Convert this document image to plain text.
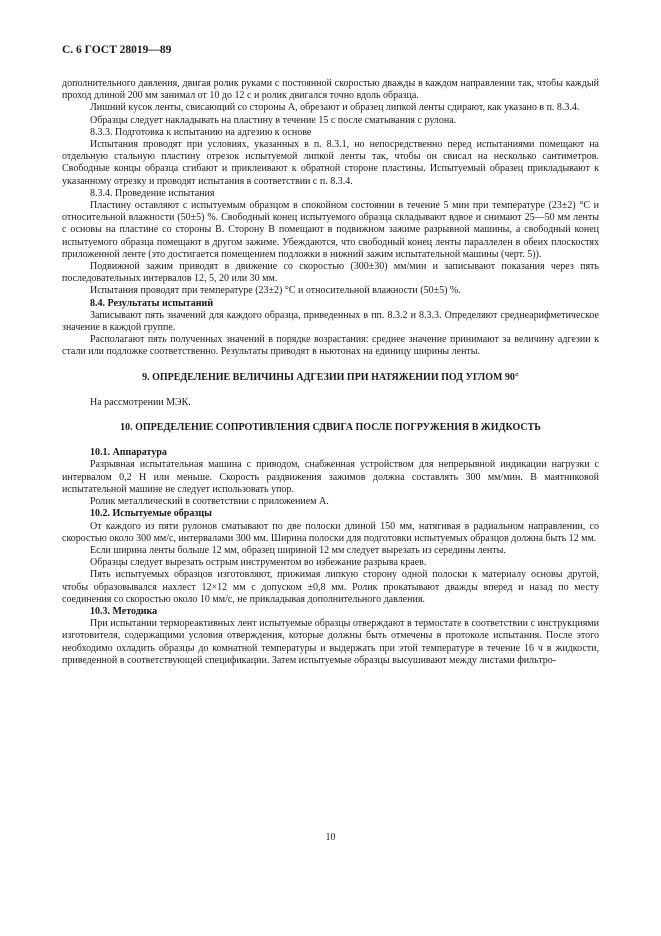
С. 6 ГОСТ 28019—89

дополнительного давления, двигая ролик руками с постоянной скоростью дважды в каждом направлении так, чтобы каждый проход длиной 200 мм занимал от 10 до 12 с и ролик двигался точно вдоль образца.

Лишний кусок ленты, свисающий со стороны А, обрезают и образец липкой ленты сдирают, как указано в п. 8.3.4.

Образцы следует накладывать на пластину в течение 15 с после сматывания с рулона.

8.3.3. Подготовка к испытанию на адгезию к основе

Испытания проводят при условиях, указанных в п. 8.3.1, но непосредственно перед испытаниями помещают на отдельную стальную пластину отрезок испытуемой липкой ленты так, чтобы он свисал на несколько сантиметров. Свободные концы образца сгибают и приклеивают к обратной стороне пластины. Испытуемый образец прикладывают к указанному отрезку и проводят испытания в соответствии с п. 8.3.4.

8.3.4. Проведение испытания

Пластину оставляют с испытуемым образцом в спокойном состоянии в течение 5 мин при температуре (23±2) °С и относительной влажности (50±5) %. Свободный конец испытуемого образца складывают вдвое и снимают 25—50 мм ленты с основы на пластине со стороны В. Сторону В помещают в подвижном зажиме разрывной машины, а свободный конец испытуемого образца помещают в другом зажиме. Убеждаются, что свободный конец ленты параллелен в обеих плоскостях приложенной ленте (это достигается помещением подложки в нижний зажим испытательной машины (черт. 5)).

Подвижной зажим приводят в движение со скоростью (300±30) мм/мин и записывают показания через пять последовательных интервалов 12, 5, 20 или 30 мм.

Испытания проводят при температуре (23±2) °С и относительной влажности (50±5) %.

8.4. Результаты испытаний

Записывают пять значений для каждого образца, приведенных в пп. 8.3.2 и 8.3.3. Определяют среднеарифметическое значение в каждой группе.

Располагают пять полученных значений в порядке возрастания: среднее значение принимают за величину адгезии к стали или подложке соответственно. Результаты приводят в ньютонах на единицу ширины ленты.

9. ОПРЕДЕЛЕНИЕ ВЕЛИЧИНЫ АДГЕЗИИ ПРИ НАТЯЖЕНИИ ПОД УГЛОМ 90°

На рассмотрении МЭК.

10. ОПРЕДЕЛЕНИЕ СОПРОТИВЛЕНИЯ СДВИГА ПОСЛЕ ПОГРУЖЕНИЯ В ЖИДКОСТЬ

10.1. Аппаратура

Разрывная испытательная машина с приводом, снабженная устройством для непрерывной индикации нагрузки с интервалом 0,2 Н или меньше. Скорость раздвижения зажимов должна составлять 300 мм/мин. В маятниковой испытательной машине не следует использовать упор.

Ролик металлический в соответствии с приложением А.

10.2. Испытуемые образцы

От каждого из пяти рулонов сматывают по две полоски длиной 150 мм, натягивая в радиальном направлении, со скоростью около 300 мм/с, интервалами 300 мм. Ширина полоски для подготовки испытуемых образцов должна быть 12 мм.

Если ширина ленты больше 12 мм, образец шириной 12 мм следует вырезать из середины ленты.

Образцы следует вырезать острым инструментом во избежание разрыва краев.

Пять испытуемых образцов изготовляют, прижимая липкую сторону одной полоски к материалу основы другой, чтобы образовывался нахлест 12×12 мм с допуском ±0,8 мм. Ролик прокатывают дважды вперед и назад по месту соединения со скоростью около 10 мм/с, не прикладывая дополнительного давления.

10.3. Методика

При испытании термореактивных лент испытуемые образцы отверждают в термостате в соответствии с инструкциями изготовителя, содержащими условия отверждения, которые должны быть отмечены в протоколе испытания. После этого необходимо охладить образцы до комнатной температуры и выдержать при этой температуре в течение 16 ч в жидкости, приведенной в соответствующей спецификации. Затем испытуемые образцы высушивают между листами фильтро-

10
